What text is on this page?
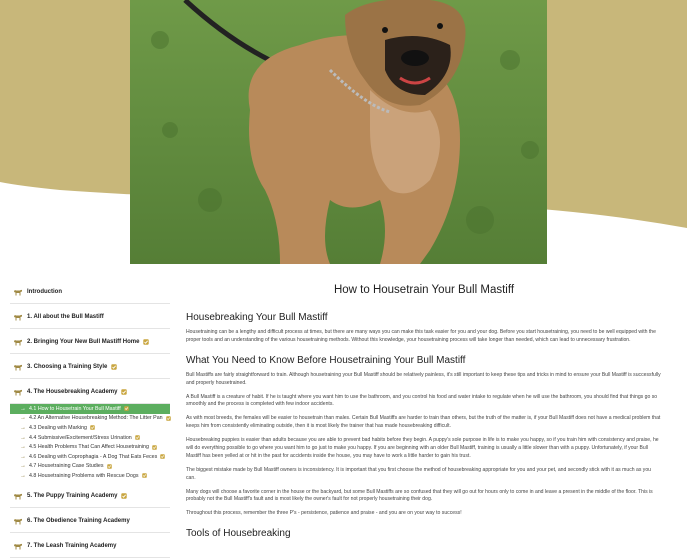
Introduction
1. All about the Bull Mastiff
2. Bringing Your New Bull Mastiff Home
3. Choosing a Training Style
4. The Housebreaking Academy
→ 4.1 How to Housetrain Your Bull Mastiff
→ 4.2 An Alternative Housebreaking Method: The Litter Pan
→ 4.3 Dealing with Marking
→ 4.4 Submissive/Excitement/Stress Urination
→ 4.5 Health Problems That Can Affect Housetraining
→ 4.6 Dealing with Coprophagia - A Dog That Eats Feces
→ 4.7 Housetraining Case Studies
→ 4.8 Housetraining Problems with Rescue Dogs
5. The Puppy Training Academy
6. The Obedience Training Academy
7. The Leash Training Academy
How to Housetrain Your Bull Mastiff
Housebreaking Your Bull Mastiff

Housetraining can be a lengthy and difficult process at times, but there are many ways you can make this task easier for you and your dog. Before you start housetraining, you need to be well equipped with the proper tools and an understanding of the various housetraining methods. Without this knowledge, your housetraining process will take longer than needed, which can lead to unnecessary frustration.

What You Need to Know Before Housetraining Your Bull Mastiff

Bull Mastiffs are fairly straightforward to train. Although housetraining your Bull Mastiff should be relatively painless, it's still important to keep these tips and tricks in mind to ensure your Bull Mastiff is successfully and properly housetrained.

A Bull Mastiff is a creature of habit. If he is taught where you want him to use the bathroom, and you control his food and water intake to regulate when he will use the bathroom, you should find that things go so smoothly and the process is completed with few indoor accidents.

As with most breeds, the females will be easier to housetrain than males. Certain Bull Mastiffs are harder to train than others, but the truth of the matter is, if your Bull Mastiff does not have a medical problem that keeps him from consistently eliminating outside, then it is most likely the trainer that has made housebreaking difficult.

Housebreaking puppies is easier than adults because you are able to prevent bad habits before they begin. A puppy's sole purpose in life is to make you happy, so if you train him with consistency and praise, he will do everything possible to go where you want him to go just to make you happy. If you are beginning with an older Bull Mastiff, training is usually a little slower than with a puppy. Unfortunately, if your Bull Mastiff has been yelled at or hit in the past for accidents inside the house, you may have to work a little harder to gain his trust.

The biggest mistake made by Bull Mastiff owners is inconsistency. It is important that you first choose the method of housebreaking appropriate for you and your pet, and secondly stick with it as much as you can.

Many dogs will choose a favorite corner in the house or the backyard, but some Bull Mastiffs are so confused that they will go out for hours only to come in and leave a present in the middle of the floor. This is probably not the Bull Mastiff's fault and is most likely the owner's fault for not properly housetraining their dog.

Throughout this process, remember the three P's - persistence, patience and praise - and you are on your way to success!

Tools of Housebreaking
